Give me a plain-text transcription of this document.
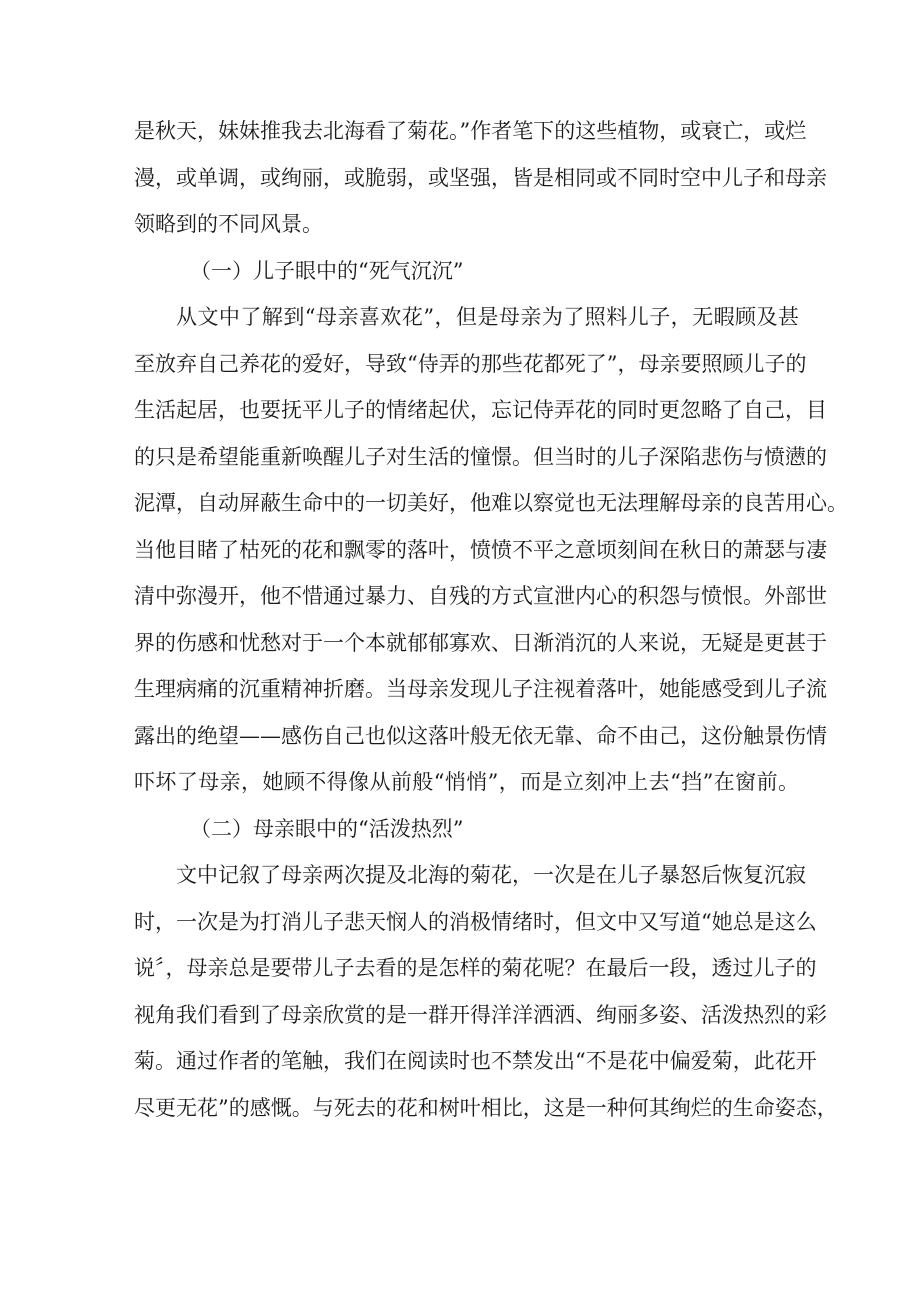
是秋天，妹妹推我去北海看了菊花。”作者笔下的这些植物，或衰亡，或烂
漫，或单调，或绚丽，或脆弱，或坚强，皆是相同或不同时空中儿子和母亲
领略到的不同风景。
（一）儿子眼中的“死气沉沉”
从文中了解到“母亲喜欢花”，但是母亲为了照料儿子，无暇顾及甚
至放弃自己养花的爱好，导致“侍弄的那些花都死了”，母亲要照顾儿子的
生活起居，也要抚平儿子的情绪起伏，忘记侍弄花的同时更忽略了自己，目
的只是希望能重新唤醒儿子对生活的憧憬。但当时的儿子深陷悲伤与愤懑的
泥潭，自动屏蔽生命中的一切美好，他难以察觉也无法理解母亲的良苦用心。
当他目睹了枯死的花和飘零的落叶，愤愤不平之意顷刻间在秋日的萧瑟与凄
清中弥漫开，他不惜通过暴力、自残的方式宣泄内心的积怨与愤恨。外部世
界的伤感和忧愁对于一个本就郁郁寡欢、日渐消沉的人来说，无疑是更甚于
生理病痛的沉重精神折磨。当母亲发现儿子注视着落叶，她能感受到儿子流
露出的绝望——感伤自己也似这落叶般无依无靠、命不由己，这份触景伤情
吓坏了母亲，她顾不得像从前般“悄悄”，而是立刻冲上去“挡”在窗前。
（二）母亲眼中的“活泼热烈”
文中记叙了母亲两次提及北海的菊花，一次是在儿子暴怒后恢复沉寂
时，一次是为打消儿子悲天悯人的消极情绪时，但文中又写道“她总是这么
说〞，母亲总是要带儿子去看的是怎样的菊花呢？在最后一段，透过儿子的
视角我们看到了母亲欣赏的是一群开得洋洋洒洒、绚丽多姿、活泼热烈的彩
菊。通过作者的笔触，我们在阅读时也不禁发出“不是花中偏爱菊，此花开
尽更无花”的感慨。与死去的花和树叶相比，这是一种何其绚烂的生命姿态，
